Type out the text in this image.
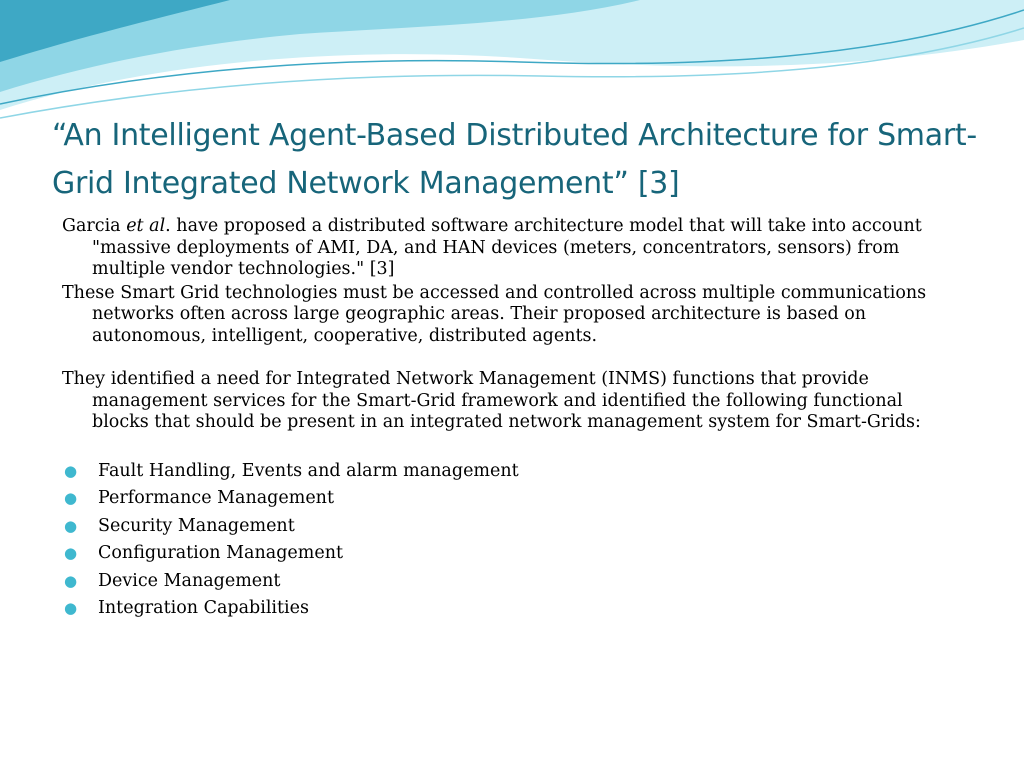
“An Intelligent Agent-Based Distributed Architecture for Smart-Grid Integrated Network Management” [3]

Garcia et al. have proposed a distributed software architecture model that will take into account "massive deployments of AMI, DA, and HAN devices (meters, concentrators, sensors) from multiple vendor technologies." [3]

These Smart Grid technologies must be accessed and controlled across multiple communications networks often across large geographic areas. Their proposed architecture is based on autonomous, intelligent, cooperative, distributed agents.

They identified a need for Integrated Network Management (INMS) functions that provide management services for the Smart-Grid framework and identified the following functional blocks that should be present in an integrated network management system for Smart-Grids:

● Fault Handling, Events and alarm management
● Performance Management
● Security Management
● Configuration Management
● Device Management
● Integration Capabilities
